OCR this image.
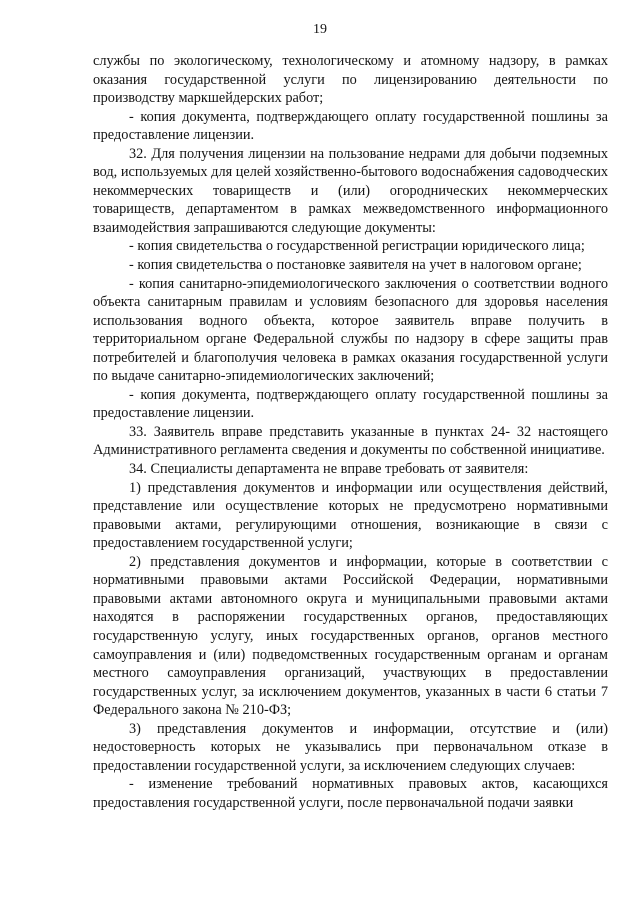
19

службы по экологическому, технологическому и атомному надзору, в рамках оказания государственной услуги по лицензированию деятельности по производству маркшейдерских работ;

- копия документа, подтверждающего оплату государственной пошлины за предоставление лицензии.

32. Для получения лицензии на пользование недрами для добычи подземных вод, используемых для целей хозяйственно-бытового водоснабжения садоводческих некоммерческих товариществ и (или) огороднических некоммерческих товариществ, департаментом в рамках межведомственного информационного взаимодействия запрашиваются следующие документы:

- копия свидетельства о государственной регистрации юридического лица;

- копия свидетельства о постановке заявителя на учет в налоговом органе;

- копия санитарно-эпидемиологического заключения о соответствии водного объекта санитарным правилам и условиям безопасного для здоровья населения использования водного объекта, которое заявитель вправе получить в территориальном органе Федеральной службы по надзору в сфере защиты прав потребителей и благополучия человека в рамках оказания государственной услуги по выдаче санитарно-эпидемиологических заключений;

- копия документа, подтверждающего оплату государственной пошлины за предоставление лицензии.

33. Заявитель вправе представить указанные в пунктах 24- 32 настоящего Административного регламента сведения и документы по собственной инициативе.

34. Специалисты департамента не вправе требовать от заявителя:

1) представления документов и информации или осуществления действий, представление или осуществление которых не предусмотрено нормативными правовыми актами, регулирующими отношения, возникающие в связи с предоставлением государственной услуги;

2) представления документов и информации, которые в соответствии с нормативными правовыми актами Российской Федерации, нормативными правовыми актами автономного округа и муниципальными правовыми актами находятся в распоряжении государственных органов, предоставляющих государственную услугу, иных государственных органов, органов местного самоуправления и (или) подведомственных государственным органам и органам местного самоуправления организаций, участвующих в предоставлении государственных услуг, за исключением документов, указанных в части 6 статьи 7 Федерального закона № 210-ФЗ;

3) представления документов и информации, отсутствие и (или) недостоверность которых не указывались при первоначальном отказе в предоставлении государственной услуги, за исключением следующих случаев:

- изменение требований нормативных правовых актов, касающихся предоставления государственной услуги, после первоначальной подачи заявки
